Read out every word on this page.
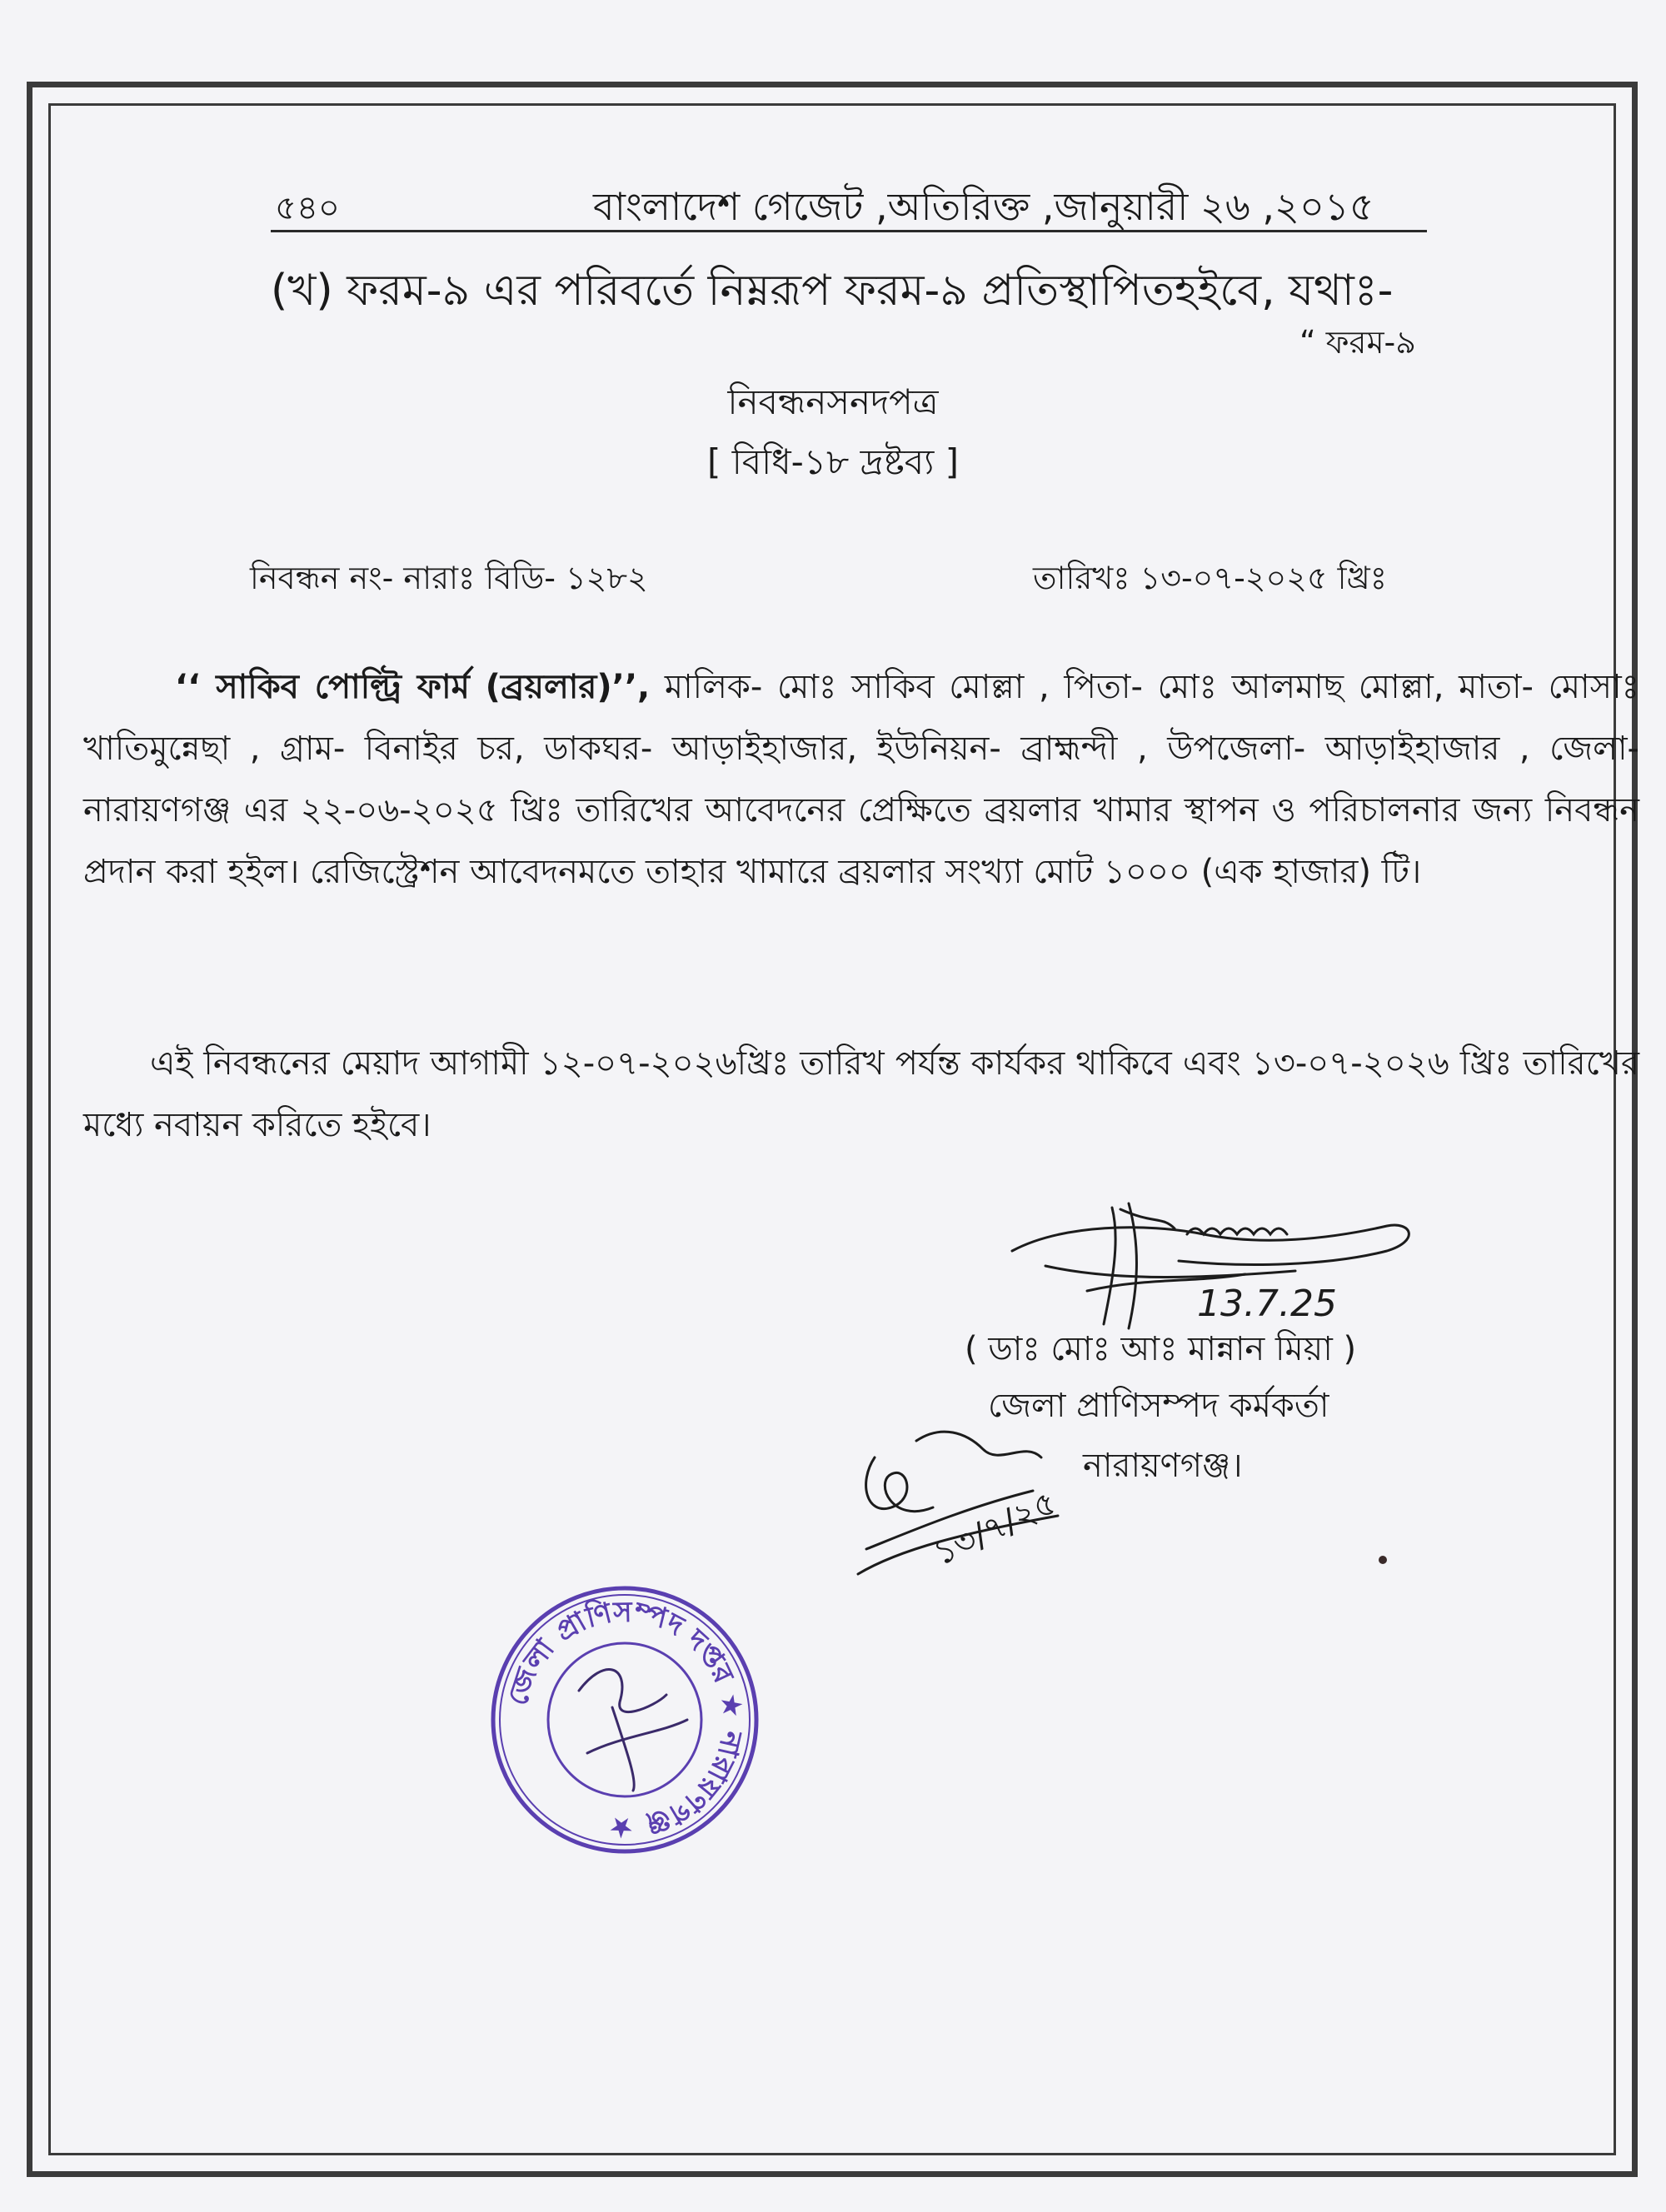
৫৪০	বাংলাদেশ গেজেট ,অতিরিক্ত ,জানুয়ারী ২৬ ,২০১৫
(খ) ফরম-৯ এর পরিবর্তে নিম্নরূপ ফরম-৯ প্রতিস্থাপিতহইবে, যথাঃ-
“ ফরম-৯
নিবন্ধনসনদপত্র
[ বিধি-১৮ দ্রষ্টব্য ]
নিবন্ধন নং- নারাঃ বিডি- ১২৮২	তারিখঃ ১৩-০৭-২০২৫ খ্রিঃ
‘‘ সাকিব পোল্ট্রি ফার্ম (ব্রয়লার)’’, মালিক- মোঃ সাকিব মোল্লা , পিতা- মোঃ আলমাছ মোল্লা, মাতা- মোসাঃ খাতিমুন্নেছা , গ্রাম- বিনাইর চর, ডাকঘর- আড়াইহাজার, ইউনিয়ন- ব্রাহ্মন্দী , উপজেলা- আড়াইহাজার , জেলা- নারায়ণগঞ্জ এর ২২-০৬-২০২৫ খ্রিঃ তারিখের আবেদনের প্রেক্ষিতে ব্রয়লার খামার স্থাপন ও পরিচালনার জন্য নিবন্ধন প্রদান করা হইল। রেজিস্ট্রেশন আবেদনমতে তাহার খামারে ব্রয়লার সংখ্যা মোট ১০০০ (এক হাজার) টি।
এই নিবন্ধনের মেয়াদ আগামী ১২-০৭-২০২৬খ্রিঃ তারিখ পর্যন্ত কার্যকর থাকিবে এবং ১৩-০৭-২০২৬ খ্রিঃ তারিখের মধ্যে নবায়ন করিতে হইবে।
13.7.25
( ডাঃ মোঃ আঃ মান্নান মিয়া )
জেলা প্রাণিসম্পদ কর্মকর্তা
নারায়ণগঞ্জ।
১৩/৭/২৫
জেলা প্রাণিসম্পদ দপ্তর ★ নারায়ণগঞ্জ ★
